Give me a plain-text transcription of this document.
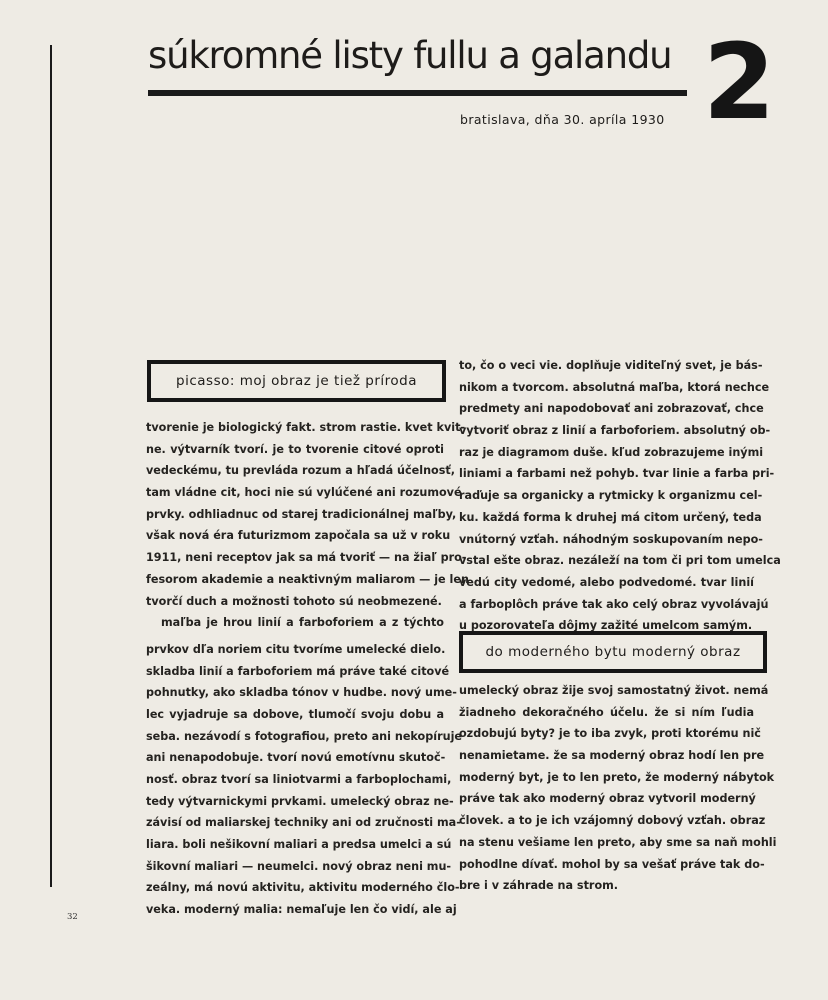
súkromné listy fullu a galandu 2
bratislava, dňa 30. apríla 1930
picasso: moj obraz je tiež príroda
tvorenie je biologický fakt. strom rastie. kvet kvit-
ne. výtvarník tvorí. je to tvorenie citové oproti
vedeckému, tu prevláda rozum a hľadá účelnosť,
tam vládne cit, hoci nie sú vylúčené ani rozumové
prvky. odhliadnuc od starej tradicionálnej maľby,
však nová éra futurizmom započala sa už v roku
1911, neni receptov jak sa má tvoriť — na žiaľ pro-
fesorom akademie a neaktivným maliarom — je len
tvorčí duch a možnosti tohoto sú neobmezené.
maľba je hrou linií a farboforiem a z týchto
prvkov dľa noriem citu tvoríme umelecké dielo.
skladba linií a farboforiem má práve také citové
pohnutky, ako skladba tónov v hudbe. nový ume-
lec vyjadruje sa dobove, tlumočí svoju dobu a
seba. nezávodí s fotografiou, preto ani nekopíruje
ani nenapodobuje. tvorí novú emotívnu skutoč-
nosť. obraz tvorí sa liniotvarmi a farboplochami,
tedy výtvarnickymi prvkami. umelecký obraz ne-
závisí od maliarskej techniky ani od zručnosti ma-
liara. boli nešikovní maliari a predsa umelci a sú
šikovní maliari — neumelci. nový obraz neni mu-
zeálny, má novú aktivitu, aktivitu moderného člo-
veka. moderný malia: nemaľuje len čo vidí, ale aj
to, čo o veci vie. doplňuje viditeľný svet, je bás-
nikom a tvorcom. absolutná maľba, ktorá nechce
predmety ani napodobovať ani zobrazovať, chce
vytvoriť obraz z linií a farboforiem. absolutný ob-
raz je diagramom duše. kľud zobrazujeme inými
liniami a farbami než pohyb. tvar linie a farba pri-
raďuje sa organicky a rytmicky k organizmu cel-
ku. každá forma k druhej má citom určený, teda
vnútorný vzťah. náhodným soskupovaním nepo-
vstal ešte obraz. nezáleží na tom či pri tom umelca
vedú city vedomé, alebo podvedomé. tvar linií
a farboplôch práve tak ako celý obraz vyvolávajú
u pozorovateľa dôjmy zažité umelcom samým.
do moderného bytu moderný obraz
umelecký obraz žije svoj samostatný život. nemá
žiadneho dekoračného účelu. že si ním ľudia
ozdobujú byty? je to iba zvyk, proti ktorému nič
nenamietame. že sa moderný obraz hodí len pre
moderný byt, je to len preto, že moderný nábytok
práve tak ako moderný obraz vytvoril moderný
človek. a to je ich vzájomný dobový vzťah. obraz
na stenu vešiame len preto, aby sme sa naň mohli
pohodlne dívať. mohol by sa vešať práve tak do-
bre i v záhrade na strom.
32
